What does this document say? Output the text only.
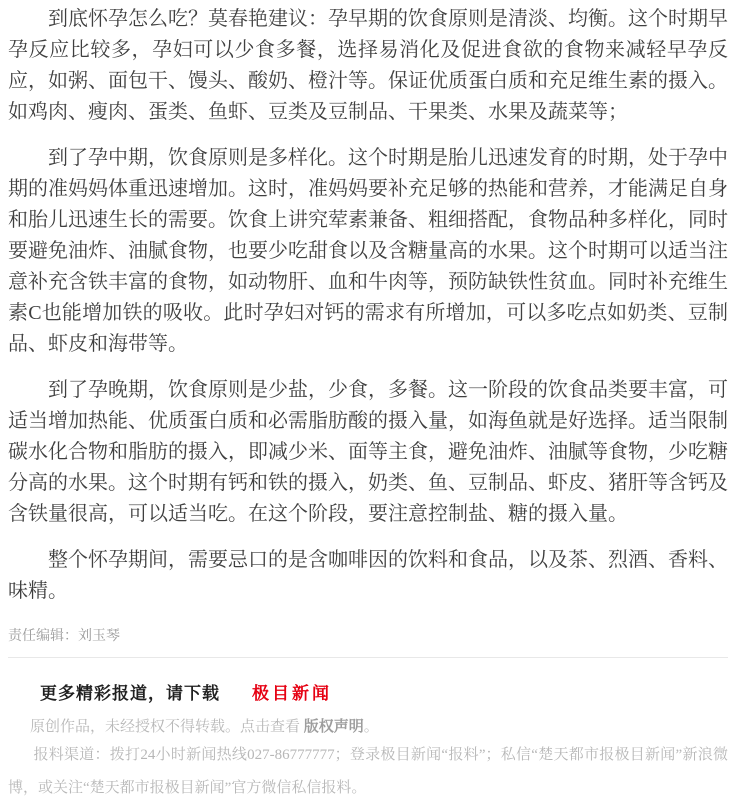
到底怀孕怎么吃？莫春艳建议：孕早期的饮食原则是清淡、均衡。这个时期早孕反应比较多，孕妇可以少食多餐，选择易消化及促进食欲的食物来减轻早孕反应，如粥、面包干、馒头、酸奶、橙汁等。保证优质蛋白质和充足维生素的摄入。如鸡肉、瘦肉、蛋类、鱼虾、豆类及豆制品、干果类、水果及蔬菜等；

到了孕中期，饮食原则是多样化。这个时期是胎儿迅速发育的时期，处于孕中期的准妈妈体重迅速增加。这时，准妈妈要补充足够的热能和营养，才能满足自身和胎儿迅速生长的需要。饮食上讲究荤素兼备、粗细搭配，食物品种多样化，同时要避免油炸、油腻食物，也要少吃甜食以及含糖量高的水果。这个时期可以适当注意补充含铁丰富的食物，如动物肝、血和牛肉等，预防缺铁性贫血。同时补充维生素C也能增加铁的吸收。此时孕妇对钙的需求有所增加，可以多吃点如奶类、豆制品、虾皮和海带等。

到了孕晚期，饮食原则是少盐，少食，多餐。这一阶段的饮食品类要丰富，可适当增加热能、优质蛋白质和必需脂肪酸的摄入量，如海鱼就是好选择。适当限制碳水化合物和脂肪的摄入，即减少米、面等主食，避免油炸、油腻等食物，少吃糖分高的水果。这个时期有钙和铁的摄入，奶类、鱼、豆制品、虾皮、猪肝等含钙及含铁量很高，可以适当吃。在这个阶段，要注意控制盐、糖的摄入量。

整个怀孕期间，需要忌口的是含咖啡因的饮料和食品，以及茶、烈酒、香料、味精。

责任编辑：刘玉琴
更多精彩报道，请下载 极目新闻
原创作品，未经授权不得转载。点击查看 版权声明。

报料渠道：拨打24小时新闻热线027-86777777；登录极目新闻“报料”；私信“楚天都市报极目新闻”新浪微博，或关注“楚天都市报极目新闻”官方微信私信报料。
